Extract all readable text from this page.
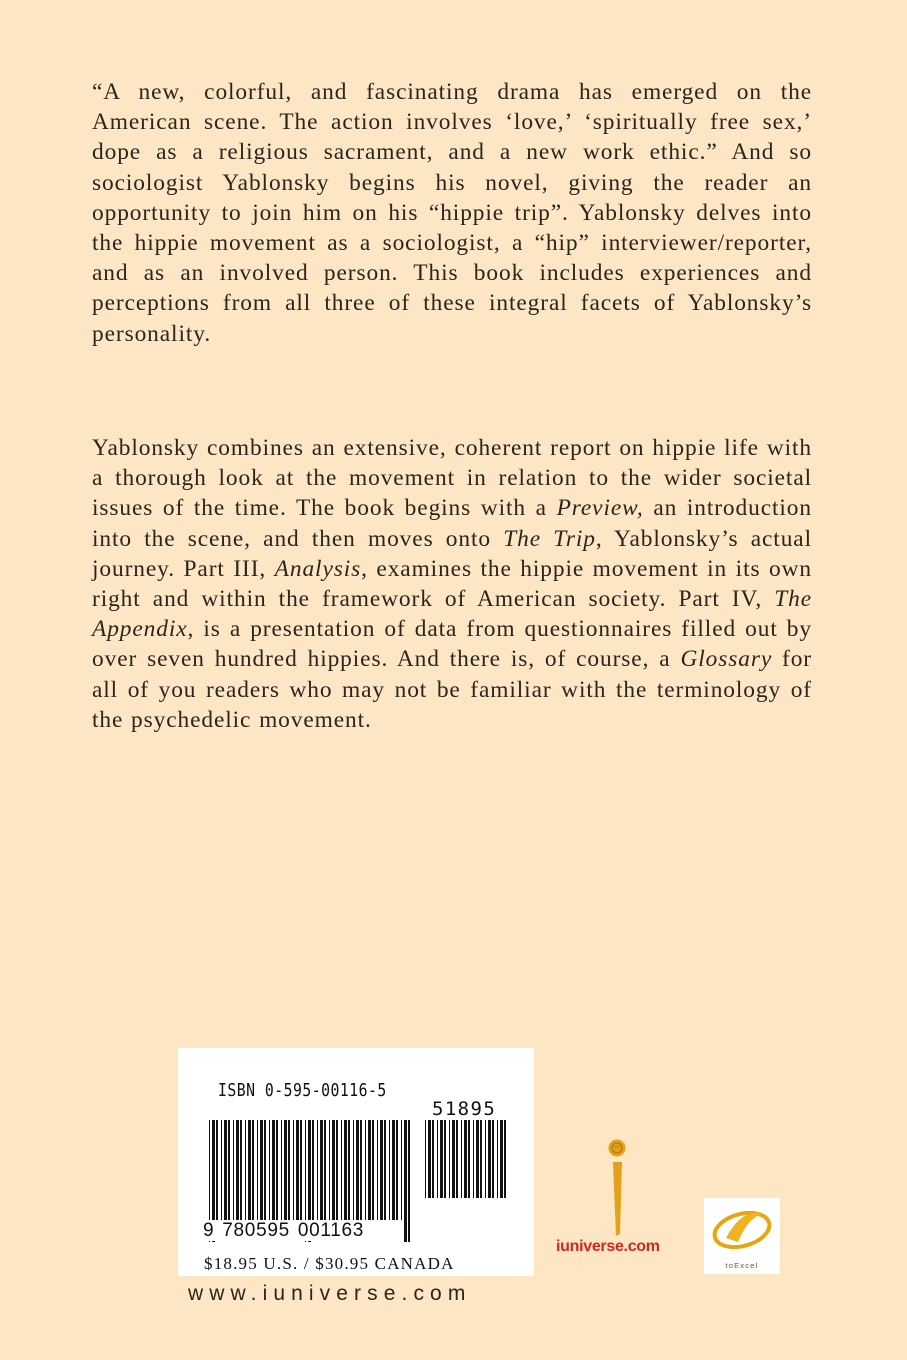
“A new, colorful, and fascinating drama has emerged on the American scene. The action involves ‘love,’ ‘spiritually free sex,’ dope as a religious sacrament, and a new work ethic.” And so sociologist Yablonsky begins his novel, giving the reader an opportunity to join him on his “hippie trip”. Yablonsky delves into the hippie movement as a sociologist, a “hip” interviewer/reporter, and as an involved person. This book includes experiences and perceptions from all three of these integral facets of Yablonsky’s personality.
Yablonsky combines an extensive, coherent report on hippie life with a thorough look at the movement in relation to the wider societal issues of the time. The book begins with a Preview, an introduction into the scene, and then moves onto The Trip, Yablonsky’s actual journey. Part III, Analysis, examines the hippie movement in its own right and within the framework of American society. Part IV, The Appendix, is a presentation of data from questionnaires filled out by over seven hundred hippies. And there is, of course, a Glossary for all of you readers who may not be familiar with the terminology of the psychedelic movement.
ISBN 0-595-00116-5
51895
9 780595 001163
$18.95 U.S. / $30.95 CANADA
www.iuniverse.com
iuniverse.com
toExcel
